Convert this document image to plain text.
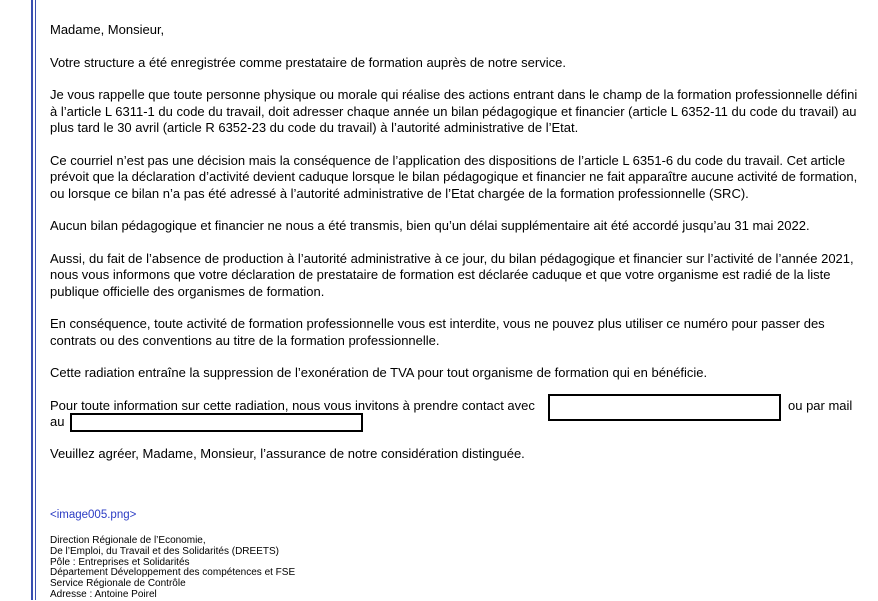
Madame, Monsieur,

Votre structure a été enregistrée comme prestataire de formation auprès de notre service.

Je vous rappelle que toute personne physique ou morale qui réalise des actions entrant dans le champ de la formation professionnelle défini à l’article L 6311-1 du code du travail, doit adresser chaque année un bilan pédagogique et financier (article L 6352-11 du code du travail) au plus tard le 30 avril (article R 6352-23 du code du travail) à l’autorité administrative de l’Etat.

Ce courriel n’est pas une décision mais la conséquence de l’application des dispositions de l’article L 6351-6 du code du travail. Cet article prévoit que la déclaration d’activité devient caduque lorsque le bilan pédagogique et financier ne fait apparaître aucune activité de formation, ou lorsque ce bilan n’a pas été adressé à l’autorité administrative de l’Etat chargée de la formation professionnelle (SRC).

Aucun bilan pédagogique et financier ne nous a été transmis, bien qu’un délai supplémentaire ait été accordé jusqu’au 31 mai 2022.

Aussi, du fait de l’absence de production à l’autorité administrative à ce jour, du bilan pédagogique et financier sur l’activité de l’année 2021, nous vous informons que votre déclaration de prestataire de formation est déclarée caduque et que votre organisme est radié de la liste publique officielle des organismes de formation.

En conséquence, toute activité de formation professionnelle vous est interdite, vous ne pouvez plus utiliser ce numéro pour passer des contrats ou des conventions au titre de la formation professionnelle.

Cette radiation entraîne la suppression de l’exonération de TVA pour tout organisme de formation qui en bénéficie.

Pour toute information sur cette radiation, nous vous invitons à prendre contact avec	ou par mail
au

Veuillez agréer, Madame, Monsieur, l’assurance de notre considération distinguée.

<image005.png>
Direction Régionale de l’Economie,
De l’Emploi, du Travail et des Solidarités (DREETS)
Pôle : Entreprises et Solidarités
Département Développement des compétences et FSE
Service Régionale de Contrôle
Adresse : Antoine Poirel
